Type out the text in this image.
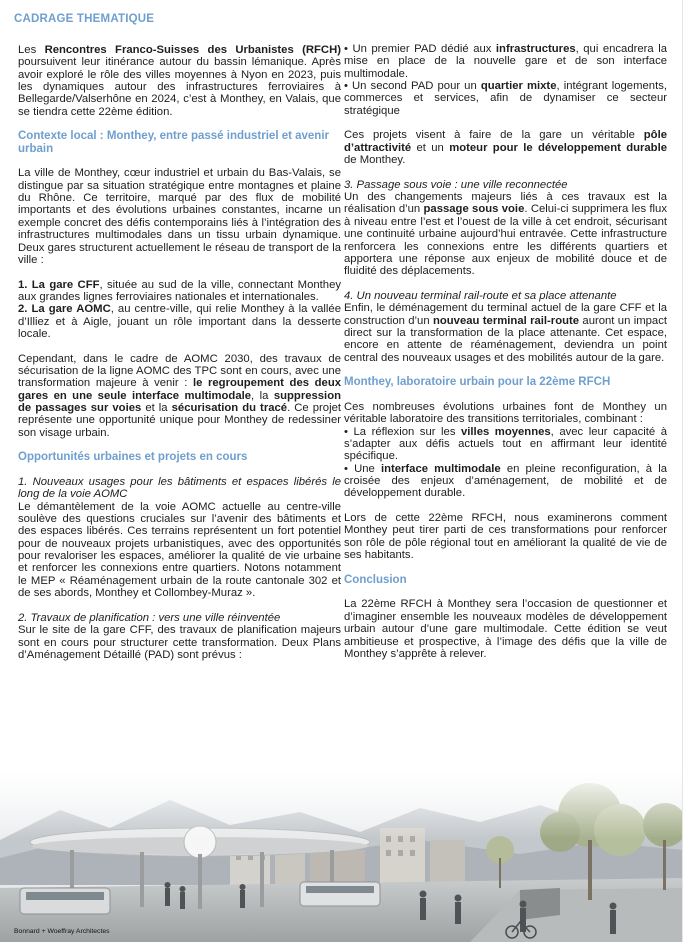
CADRAGE THEMATIQUE

Les Rencontres Franco-Suisses des Urbanistes (RFCH) poursuivent leur itinérance autour du bassin lémanique. Après avoir exploré le rôle des villes moyennes à Nyon en 2023, puis les dynamiques autour des infrastructures ferroviaires à Bellegarde/Valserhône en 2024, c’est à Monthey, en Valais, que se tiendra cette 22ème édition.

Contexte local : Monthey, entre passé industriel et avenir urbain

La ville de Monthey, cœur industriel et urbain du Bas-Valais, se distingue par sa situation stratégique entre montagnes et plaine du Rhône. Ce territoire, marqué par des flux de mobilité importants et des évolutions urbaines constantes, incarne un exemple concret des défis contemporains liés à l’intégration des infrastructures multimodales dans un tissu urbain dynamique. Deux gares structurent actuellement le réseau de transport de la ville :

1. La gare CFF, située au sud de la ville, connectant Monthey aux grandes lignes ferroviaires nationales et internationales.

2. La gare AOMC, au centre-ville, qui relie Monthey à la vallée d’Illiez et à Aigle, jouant un rôle important dans la desserte locale.

Cependant, dans le cadre de AOMC 2030, des travaux de sécurisation de la ligne AOMC des TPC sont en cours, avec une transformation majeure à venir : le regroupement des deux gares en une seule interface multimodale, la suppression de passages sur voies et la sécurisation du tracé. Ce projet représente une opportunité unique pour Monthey de redessiner son visage urbain.

Opportunités urbaines et projets en cours

1. Nouveaux usages pour les bâtiments et espaces libérés le long de la voie AOMC

Le démantèlement de la voie AOMC actuelle au centre-ville soulève des questions cruciales sur l’avenir des bâtiments et des espaces libérés. Ces terrains représentent un fort potentiel pour de nouveaux projets urbanistiques, avec des opportunités pour revaloriser les espaces, améliorer la qualité de vie urbaine et renforcer les connexions entre quartiers. Notons notamment le MEP « Réaménagement urbain de la route cantonale 302 et de ses abords, Monthey et Collombey-Muraz ».

2. Travaux de planification : vers une ville réinventée

Sur le site de la gare CFF, des travaux de planification majeurs sont en cours pour structurer cette transformation. Deux Plans d’Aménagement Détaillé (PAD) sont prévus :

• Un premier PAD dédié aux infrastructures, qui encadrera la mise en place de la nouvelle gare et de son interface multimodale.

• Un second PAD pour un quartier mixte, intégrant logements, commerces et services, afin de dynamiser ce secteur stratégique

Ces projets visent à faire de la gare un véritable pôle d’attractivité et un moteur pour le développement durable de Monthey.

3. Passage sous voie : une ville reconnectée

Un des changements majeurs liés à ces travaux est la réalisation d’un passage sous voie. Celui-ci supprimera les flux à niveau entre l’est et l’ouest de la ville à cet endroit, sécurisant une continuité urbaine aujourd’hui entravée. Cette infrastructure renforcera les connexions entre les différents quartiers et apportera une réponse aux enjeux de mobilité douce et de fluidité des déplacements.

4. Un nouveau terminal rail-route et sa place attenante

Enfin, le déménagement du terminal actuel de la gare CFF et la construction d’un nouveau terminal rail-route auront un impact direct sur la transformation de la place attenante. Cet espace, encore en attente de réaménagement, deviendra un point central des nouveaux usages et des mobilités autour de la gare.

Monthey, laboratoire urbain pour la 22ème RFCH

Ces nombreuses évolutions urbaines font de Monthey un véritable laboratoire des transitions territoriales, combinant :

• La réflexion sur les villes moyennes, avec leur capacité à s’adapter aux défis actuels tout en affirmant leur identité spécifique.

• Une interface multimodale en pleine reconfiguration, à la croisée des enjeux d’aménagement, de mobilité et de développement durable.

Lors de cette 22ème RFCH, nous examinerons comment Monthey peut tirer parti de ces transformations pour renforcer son rôle de pôle régional tout en améliorant la qualité de vie de ses habitants.

Conclusion

La 22ème RFCH à Monthey sera l’occasion de questionner et d’imaginer ensemble les nouveaux modèles de développement urbain autour d’une gare multimodale. Cette édition se veut ambitieuse et prospective, à l’image des défis que la ville de Monthey s’apprête à relever.

Bonnard + Woeffray Architectes
